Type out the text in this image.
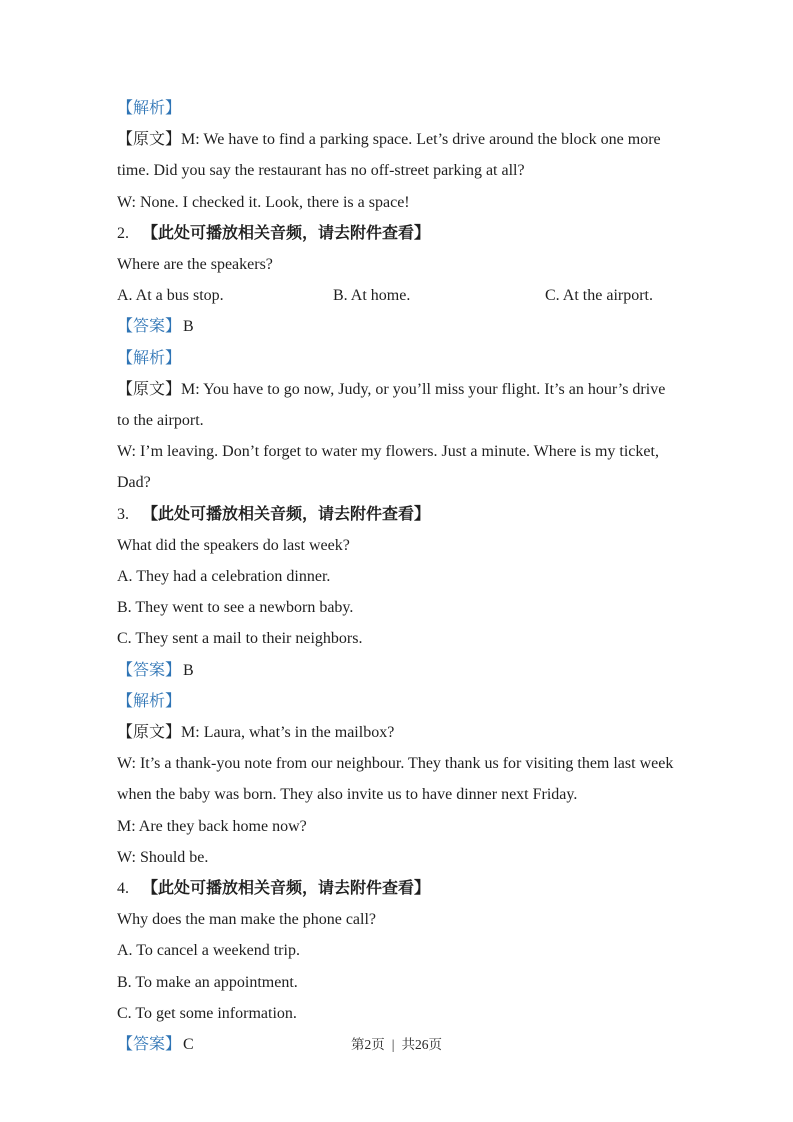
【解析】

【原文】M: We have to find a parking space. Let’s drive around the block one more time. Did you say the restaurant has no off-street parking at all?

W: None. I checked it. Look, there is a space!

2. 【此处可播放相关音频，请去附件查看】

Where are the speakers?

A. At a bus stop.	B. At home.	C. At the airport.

【答案】 B

【解析】

【原文】M: You have to go now, Judy, or you’ll miss your flight. It’s an hour’s drive to the airport.

W: I’m leaving. Don’t forget to water my flowers. Just a minute. Where is my ticket, Dad?

3. 【此处可播放相关音频，请去附件查看】

What did the speakers do last week?

A. They had a celebration dinner.

B. They went to see a newborn baby.

C. They sent a mail to their neighbors.

【答案】 B

【解析】

【原文】M: Laura, what’s in the mailbox?

W: It’s a thank-you note from our neighbour. They thank us for visiting them last week when the baby was born. They also invite us to have dinner next Friday.

M: Are they back home now?

W: Should be.

4. 【此处可播放相关音频，请去附件查看】

Why does the man make the phone call?

A. To cancel a weekend trip.

B. To make an appointment.

C. To get some information.

【答案】 C	第2页 | 共26页
